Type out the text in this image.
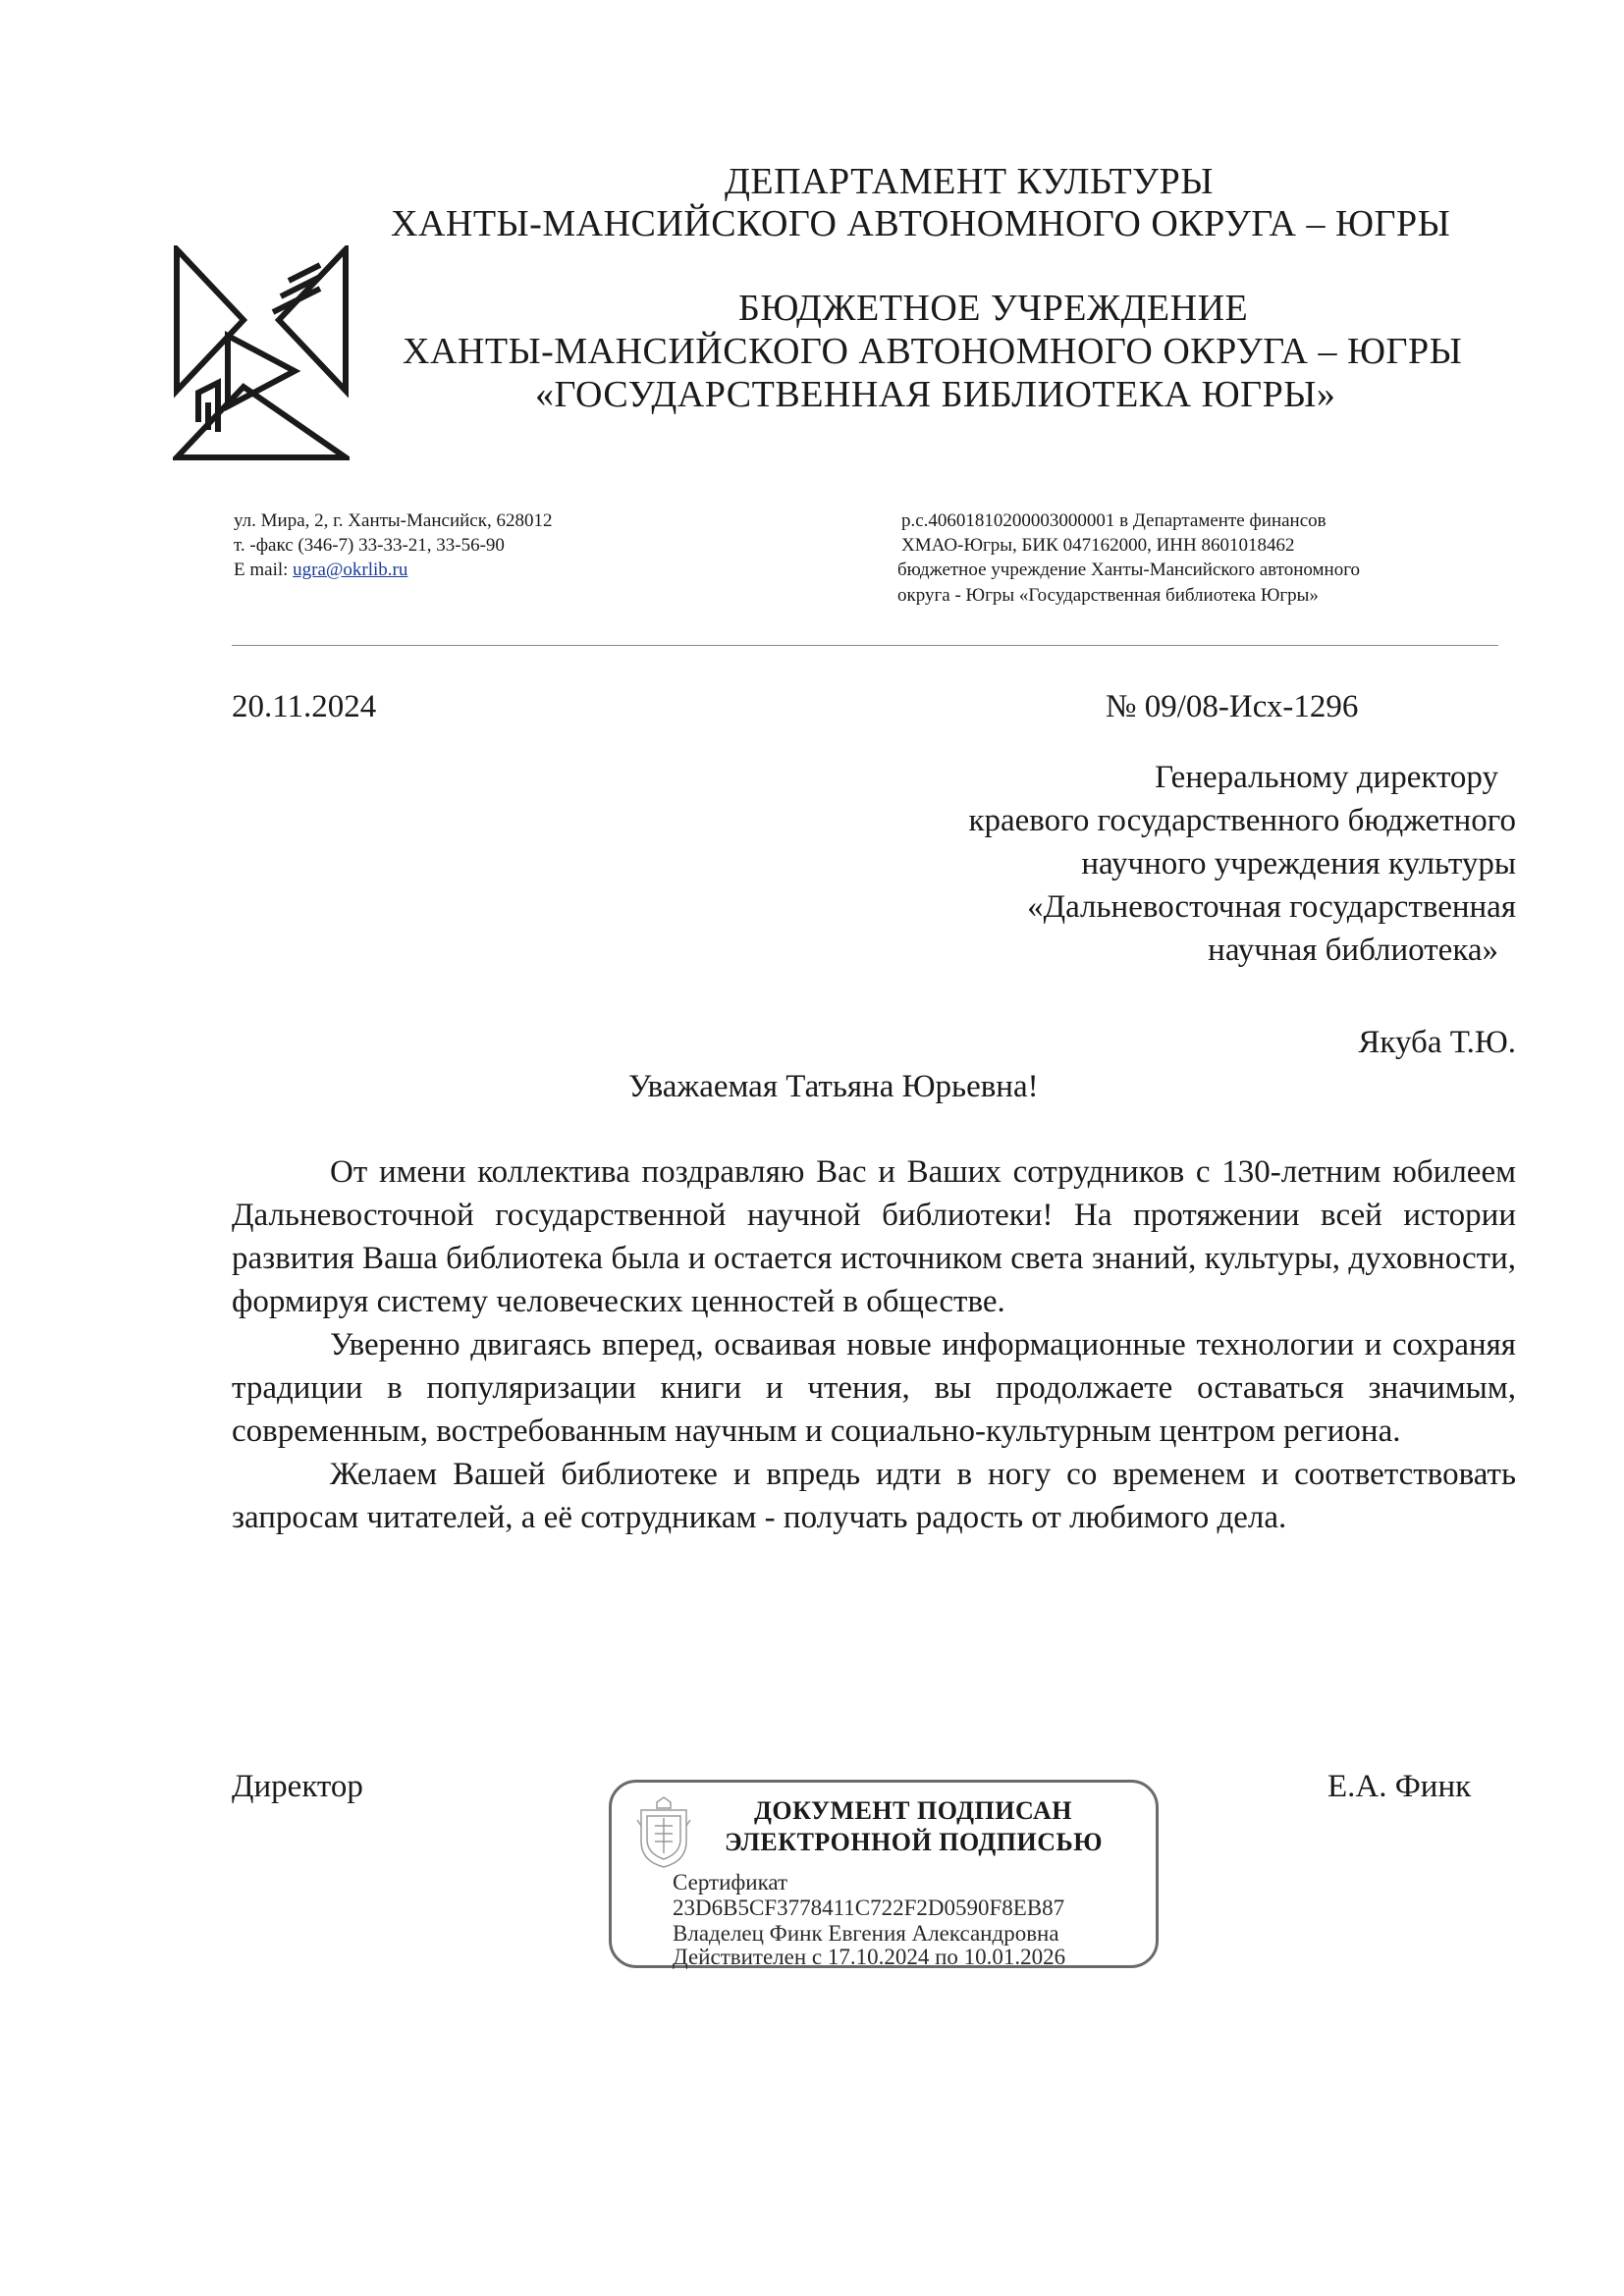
ДЕПАРТАМЕНТ КУЛЬТУРЫ
ХАНТЫ-МАНСИЙСКОГО АВТОНОМНОГО ОКРУГА – ЮГРЫ
БЮДЖЕТНОЕ УЧРЕЖДЕНИЕ
ХАНТЫ-МАНСИЙСКОГО АВТОНОМНОГО ОКРУГА – ЮГРЫ
«ГОСУДАРСТВЕННАЯ БИБЛИОТЕКА ЮГРЫ»
ул. Мира, 2, г. Ханты-Мансийск, 628012
т. -факс (346-7) 33-33-21, 33-56-90
E mail: ugra@okrlib.ru
р.с.40601810200003000001 в Департаменте финансов
ХМАО-Югры, БИК 047162000, ИНН 8601018462
бюджетное учреждение Ханты-Мансийского автономного
округа - Югры «Государственная библиотека Югры»
20.11.2024	№ 09/08-Исх-1296
Генеральному директору
краевого государственного бюджетного
научного учреждения культуры
«Дальневосточная государственная
научная библиотека»
Якуба Т.Ю.
Уважаемая Татьяна Юрьевна!

От имени коллектива поздравляю Вас и Ваших сотрудников с 130-летним юбилеем Дальневосточной государственной научной библиотеки! На протяжении всей истории развития Ваша библиотека была и остается источником света знаний, культуры, духовности, формируя систему человеческих ценностей в обществе.

Уверенно двигаясь вперед, осваивая новые информационные технологии и сохраняя традиции в популяризации книги и чтения, вы продолжаете оставаться значимым, современным, востребованным научным и социально-культурным центром региона.

Желаем Вашей библиотеке и впредь идти в ногу со временем и соответствовать запросам читателей, а её сотрудникам - получать радость от любимого дела.

Директор	Е.А. Финк
ДОКУМЕНТ ПОДПИСАН
ЭЛЕКТРОННОЙ ПОДПИСЬЮ
Сертификат
23D6B5CF3778411C722F2D0590F8EB87
Владелец Финк Евгения Александровна
Действителен с 17.10.2024 по 10.01.2026
